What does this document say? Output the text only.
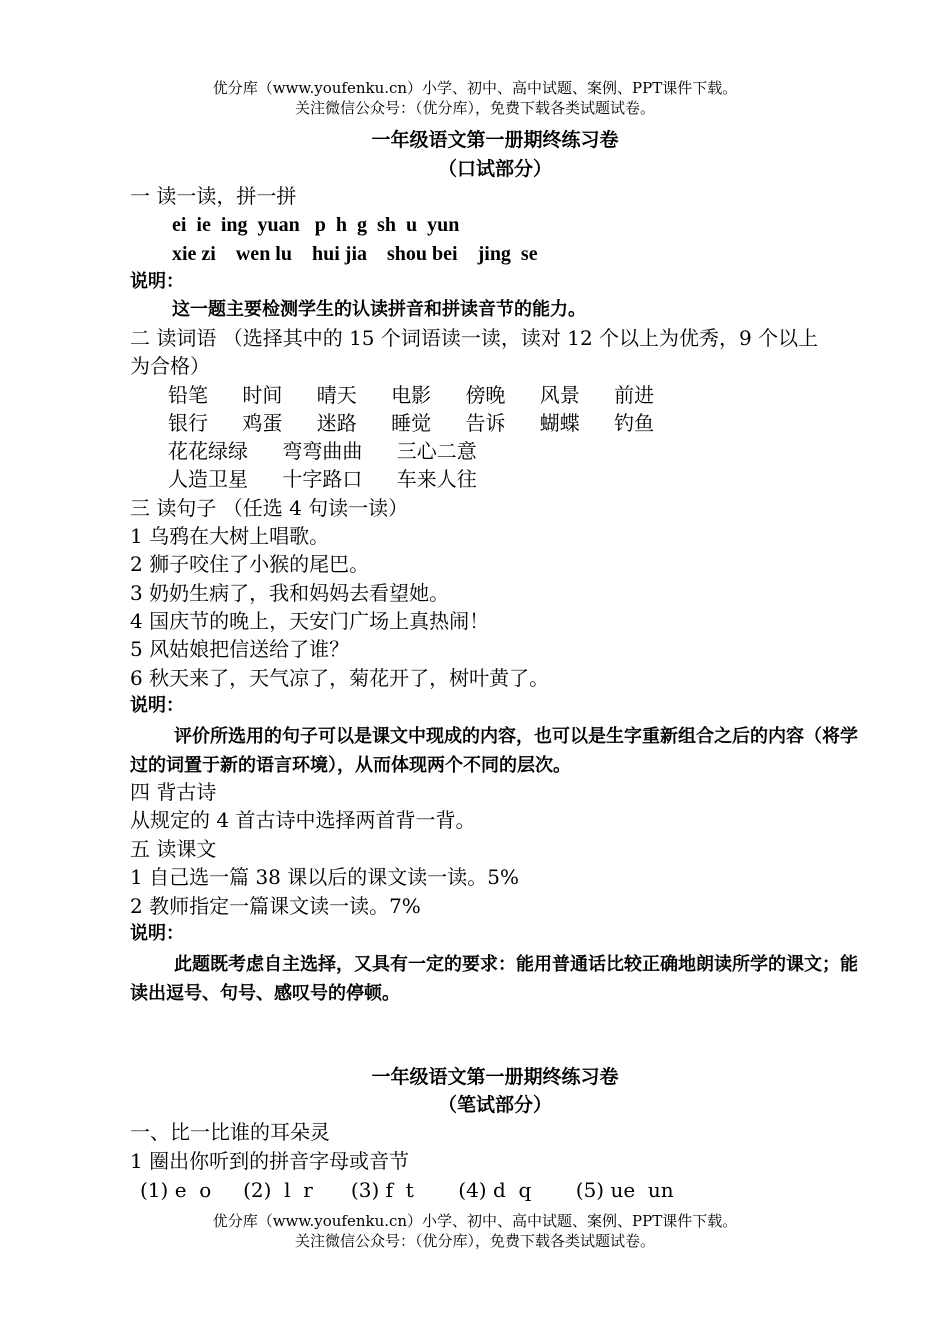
优分库（www.youfenku.cn）小学、初中、高中试题、案例、PPT课件下载。
关注微信公众号：（优分库），免费下载各类试题试卷。
一年级语文第一册期终练习卷
（口试部分）
一 读一读，拼一拼
ei  ie  ing  yuan   p  h  g  sh  u  yun
xie zi    wen lu    hui jia    shou bei    jing  se
说明：
这一题主要检测学生的认读拼音和拼读音节的能力。
二 读词语 （选择其中的 15 个词语读一读，读对 12 个以上为优秀，9 个以上
为合格）
铅笔 时间 晴天 电影 傍晚 风景 前进
银行 鸡蛋 迷路 睡觉 告诉 蝴蝶 钓鱼
花花绿绿 弯弯曲曲 三心二意
人造卫星 十字路口 车来人往
三 读句子 （任选 4 句读一读）
1 乌鸦在大树上唱歌。
2 狮子咬住了小猴的尾巴。
3 奶奶生病了，我和妈妈去看望她。
4 国庆节的晚上，天安门广场上真热闹！
5 风姑娘把信送给了谁？
6 秋天来了，天气凉了，菊花开了，树叶黄了。
说明：
评价所选用的句子可以是课文中现成的内容，也可以是生字重新组合之后的内容（将学过的词置于新的语言环境），从而体现两个不同的层次。
四 背古诗
从规定的 4 首古诗中选择两首背一背。
五 读课文
1 自己选一篇 38 课以后的课文读一读。5%
2 教师指定一篇课文读一读。7%
说明：
此题既考虑自主选择，又具有一定的要求：能用普通话比较正确地朗读所学的课文；能读出逗号、句号、感叹号的停顿。
一年级语文第一册期终练习卷
（笔试部分）
一、比一比谁的耳朵灵
1 圈出你听到的拼音字母或音节
(1) e  o     (2)  l  r      (3) f  t       (4) d  q       (5) ue  un
优分库（www.youfenku.cn）小学、初中、高中试题、案例、PPT课件下载。
关注微信公众号：（优分库），免费下载各类试题试卷。
